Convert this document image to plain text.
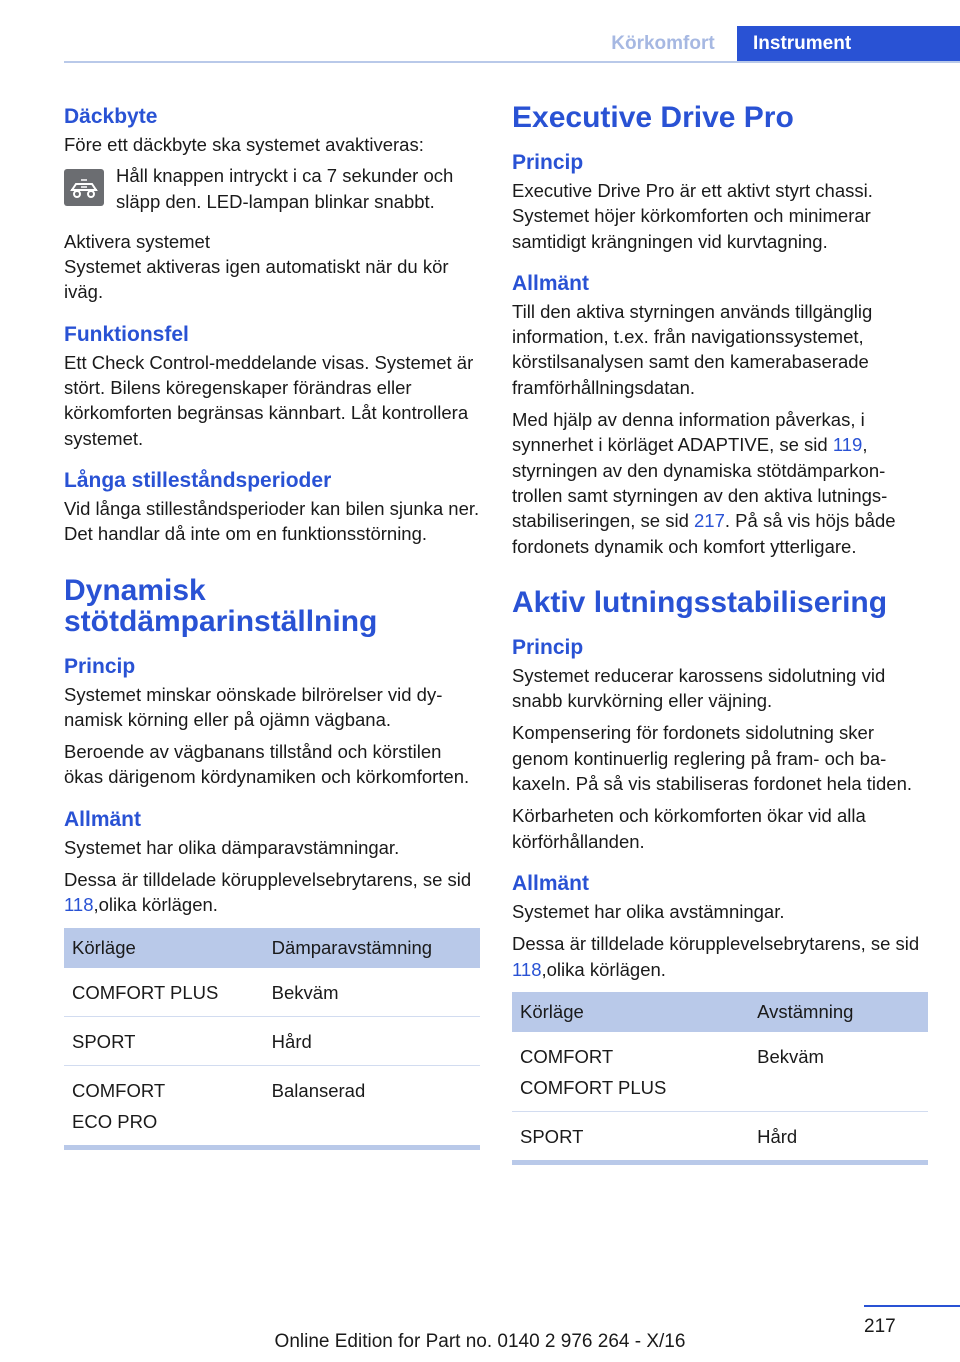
Körkomfort	Instrument
Däckbyte

Före ett däckbyte ska systemet avaktiveras:

Håll knappen intryckt i ca 7 sekunder och släpp den. LED-lampan blinkar snabbt.

Aktivera systemet

Systemet aktiveras igen automatiskt när du kör iväg.

Funktionsfel

Ett Check Control-meddelande visas. Systemet är stört. Bilens köregenskaper förändras eller körkomforten begränsas kännbart. Låt kontrollera systemet.

Långa stilleståndsperioder

Vid långa stilleståndsperioder kan bilen sjunka ner. Det handlar då inte om en funktionsstörning.

Dynamisk
stötdämparinställning
Princip

Systemet minskar oönskade bilrörelser vid dynamisk körning eller på ojämn vägbana.

Beroende av vägbanans tillstånd och körstilen ökas därigenom kördynamiken och körkomforten.

Allmänt

Systemet har olika dämparavstämningar.

Dessa är tilldelade körupplevelsebrytarens, se sid 118,olika körlägen.

Körläge	Dämparavstämning

COMFORT PLUS	Bekväm

SPORT	Hård

COMFORT
ECO PRO	Balanserad
Executive Drive Pro
Princip

Executive Drive Pro är ett aktivt styrt chassi. Systemet höjer körkomforten och minimerar samtidigt krängningen vid kurvtagning.

Allmänt

Till den aktiva styrningen används tillgänglig information, t.ex. från navigationssystemet, körstilsanalysen samt den kamerabaserade framförhållningsdatan.

Med hjälp av denna information påverkas, i synnerhet i körläget ADAPTIVE, se sid 119, styrningen av den dynamiska stötdämparkontrollen samt styrningen av den aktiva lutningsstabiliseringen, se sid 217. På så vis höjs både fordonets dynamik och komfort ytterligare.

Aktiv lutningsstabilisering
Princip

Systemet reducerar karossens sidolutning vid snabb kurvkörning eller väjning.

Kompensering för fordonets sidolutning sker genom kontinuerlig reglering på fram- och bakaxeln. På så vis stabiliseras fordonet hela tiden.

Körbarheten och körkomforten ökar vid alla körförhållanden.

Allmänt

Systemet har olika avstämningar.

Dessa är tilldelade körupplevelsebrytarens, se sid 118,olika körlägen.

Körläge	Avstämning

COMFORT
COMFORT PLUS	Bekväm

SPORT	Hård
217
Online Edition for Part no. 0140 2 976 264 - X/16
